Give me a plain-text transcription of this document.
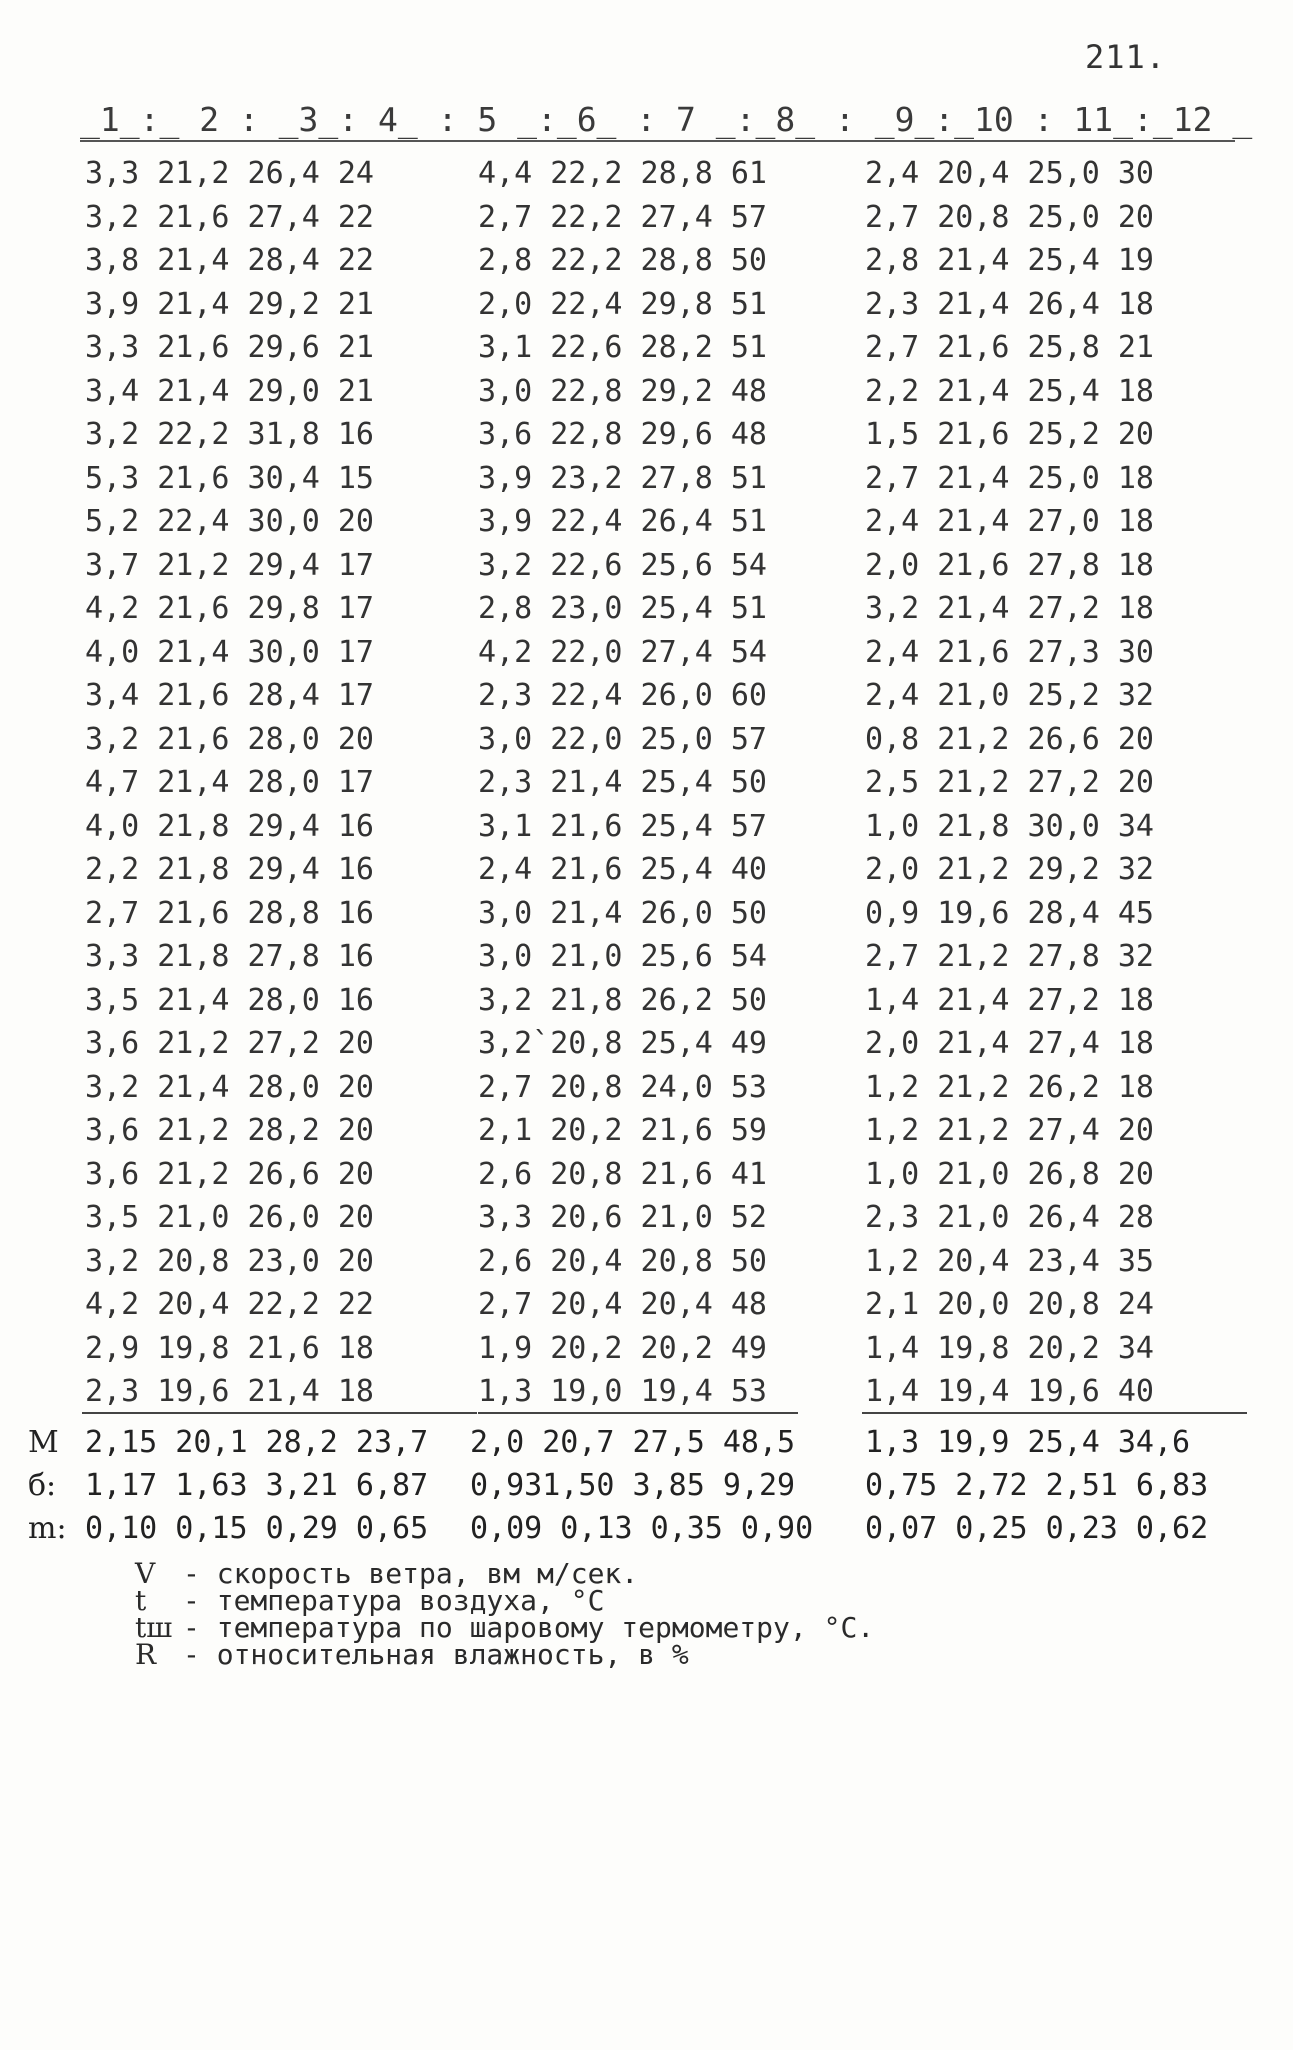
211.
_1_:_ 2 : _3_: 4_ : 5 _:_6_ : 7 _:_8_ : _9_:_10 : 11_:_12 _
3,3 21,2 26,4 24	4,4 22,2 28,8 61	2,4 20,4 25,0 30
3,2 21,6 27,4 22	2,7 22,2 27,4 57	2,7 20,8 25,0 20
3,8 21,4 28,4 22	2,8 22,2 28,8 50	2,8 21,4 25,4 19
3,9 21,4 29,2 21	2,0 22,4 29,8 51	2,3 21,4 26,4 18
3,3 21,6 29,6 21	3,1 22,6 28,2 51	2,7 21,6 25,8 21
3,4 21,4 29,0 21	3,0 22,8 29,2 48	2,2 21,4 25,4 18
3,2 22,2 31,8 16	3,6 22,8 29,6 48	1,5 21,6 25,2 20
5,3 21,6 30,4 15	3,9 23,2 27,8 51	2,7 21,4 25,0 18
5,2 22,4 30,0 20	3,9 22,4 26,4 51	2,4 21,4 27,0 18
3,7 21,2 29,4 17	3,2 22,6 25,6 54	2,0 21,6 27,8 18
4,2 21,6 29,8 17	2,8 23,0 25,4 51	3,2 21,4 27,2 18
4,0 21,4 30,0 17	4,2 22,0 27,4 54	2,4 21,6 27,3 30
3,4 21,6 28,4 17	2,3 22,4 26,0 60	2,4 21,0 25,2 32
3,2 21,6 28,0 20	3,0 22,0 25,0 57	0,8 21,2 26,6 20
4,7 21,4 28,0 17	2,3 21,4 25,4 50	2,5 21,2 27,2 20
4,0 21,8 29,4 16	3,1 21,6 25,4 57	1,0 21,8 30,0 34
2,2 21,8 29,4 16	2,4 21,6 25,4 40	2,0 21,2 29,2 32
2,7 21,6 28,8 16	3,0 21,4 26,0 50	0,9 19,6 28,4 45
3,3 21,8 27,8 16	3,0 21,0 25,6 54	2,7 21,2 27,8 32
3,5 21,4 28,0 16	3,2 21,8 26,2 50	1,4 21,4 27,2 18
3,6 21,2 27,2 20	3,2`20,8 25,4 49	2,0 21,4 27,4 18
3,2 21,4 28,0 20	2,7 20,8 24,0 53	1,2 21,2 26,2 18
3,6 21,2 28,2 20	2,1 20,2 21,6 59	1,2 21,2 27,4 20
3,6 21,2 26,6 20	2,6 20,8 21,6 41	1,0 21,0 26,8 20
3,5 21,0 26,0 20	3,3 20,6 21,0 52	2,3 21,0 26,4 28
3,2 20,8 23,0 20	2,6 20,4 20,8 50	1,2 20,4 23,4 35
4,2 20,4 22,2 22	2,7 20,4 20,4 48	2,1 20,0 20,8 24
2,9 19,8 21,6 18	1,9 20,2 20,2 49	1,4 19,8 20,2 34
2,3 19,6 21,4 18	1,3 19,0 19,4 53	1,4 19,4 19,6 40
M 2,15 20,1 28,2 23,7 2,0 20,7 27,5 48,5 1,3 19,9 25,4 34,6
б: 1,17 1,63 3,21 6,87 0,931,50 3,85 9,29 0,75 2,72 2,51 6,83
m: 0,10 0,15 0,29 0,65 0,09 0,13 0,35 0,90 0,07 0,25 0,23 0,62
V - скорость ветра, вм м/сек.
t - температура воздуха, °С
tш - температура по шаровому термометру, °С.
R - относительная влажность, в %
